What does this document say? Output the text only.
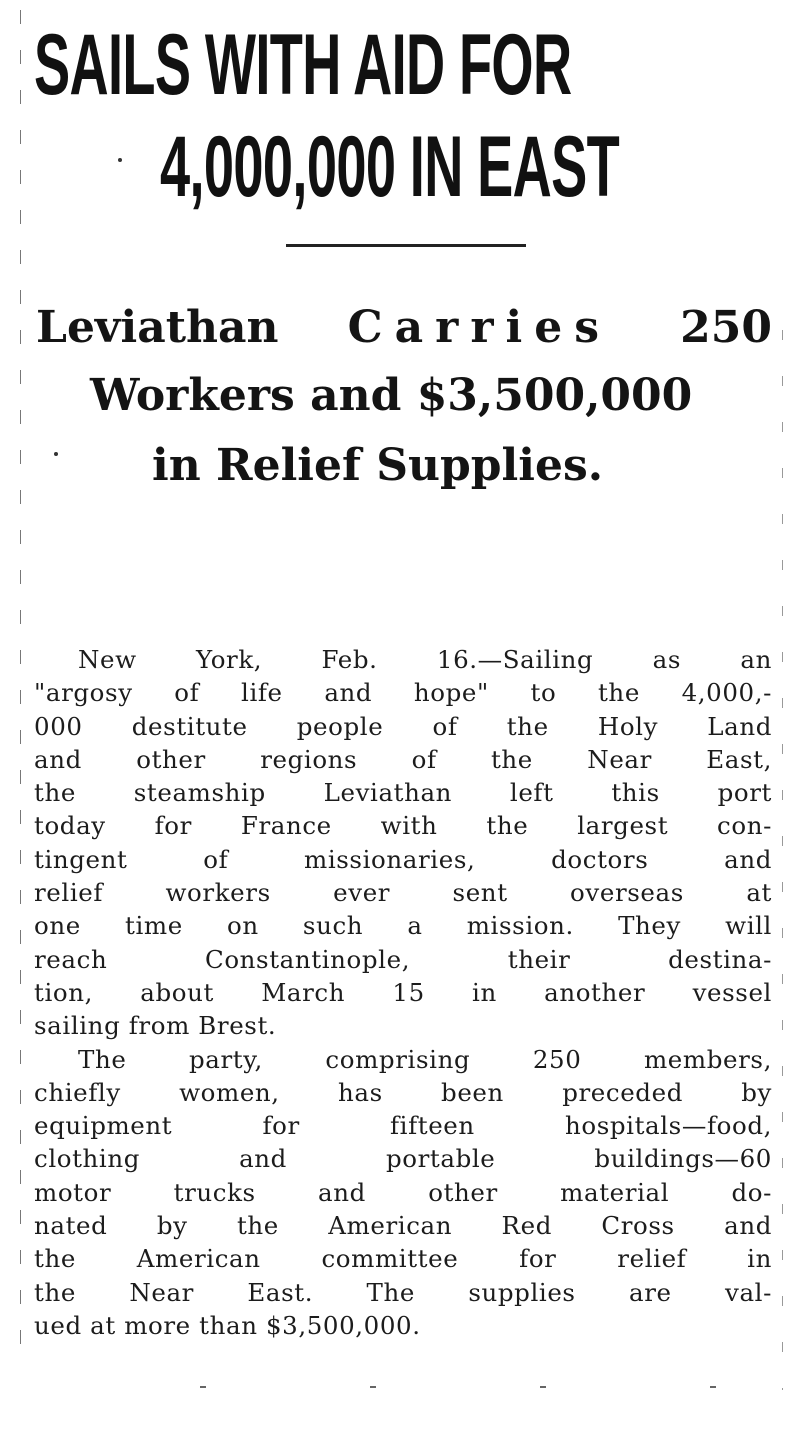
SAILS WITH AID FOR
4,000,000 IN EAST
Leviathan Carries 250
Workers and $3,500,000
in Relief Supplies.
New York, Feb. 16.—Sailing as an
"argosy of life and hope" to the 4,000,-
000 destitute people of the Holy Land
and other regions of the Near East,
the steamship Leviathan left this port
today for France with the largest con-
tingent of missionaries, doctors and
relief workers ever sent overseas at
one time on such a mission. They will
reach Constantinople, their destina-
tion, about March 15 in another vessel
sailing from Brest.
The party, comprising 250 members,
chiefly women, has been preceded by
equipment for fifteen hospitals—food,
clothing and portable buildings—60
motor trucks and other material do-
nated by the American Red Cross and
the American committee for relief in
the Near East. The supplies are val-
ued at more than $3,500,000.
